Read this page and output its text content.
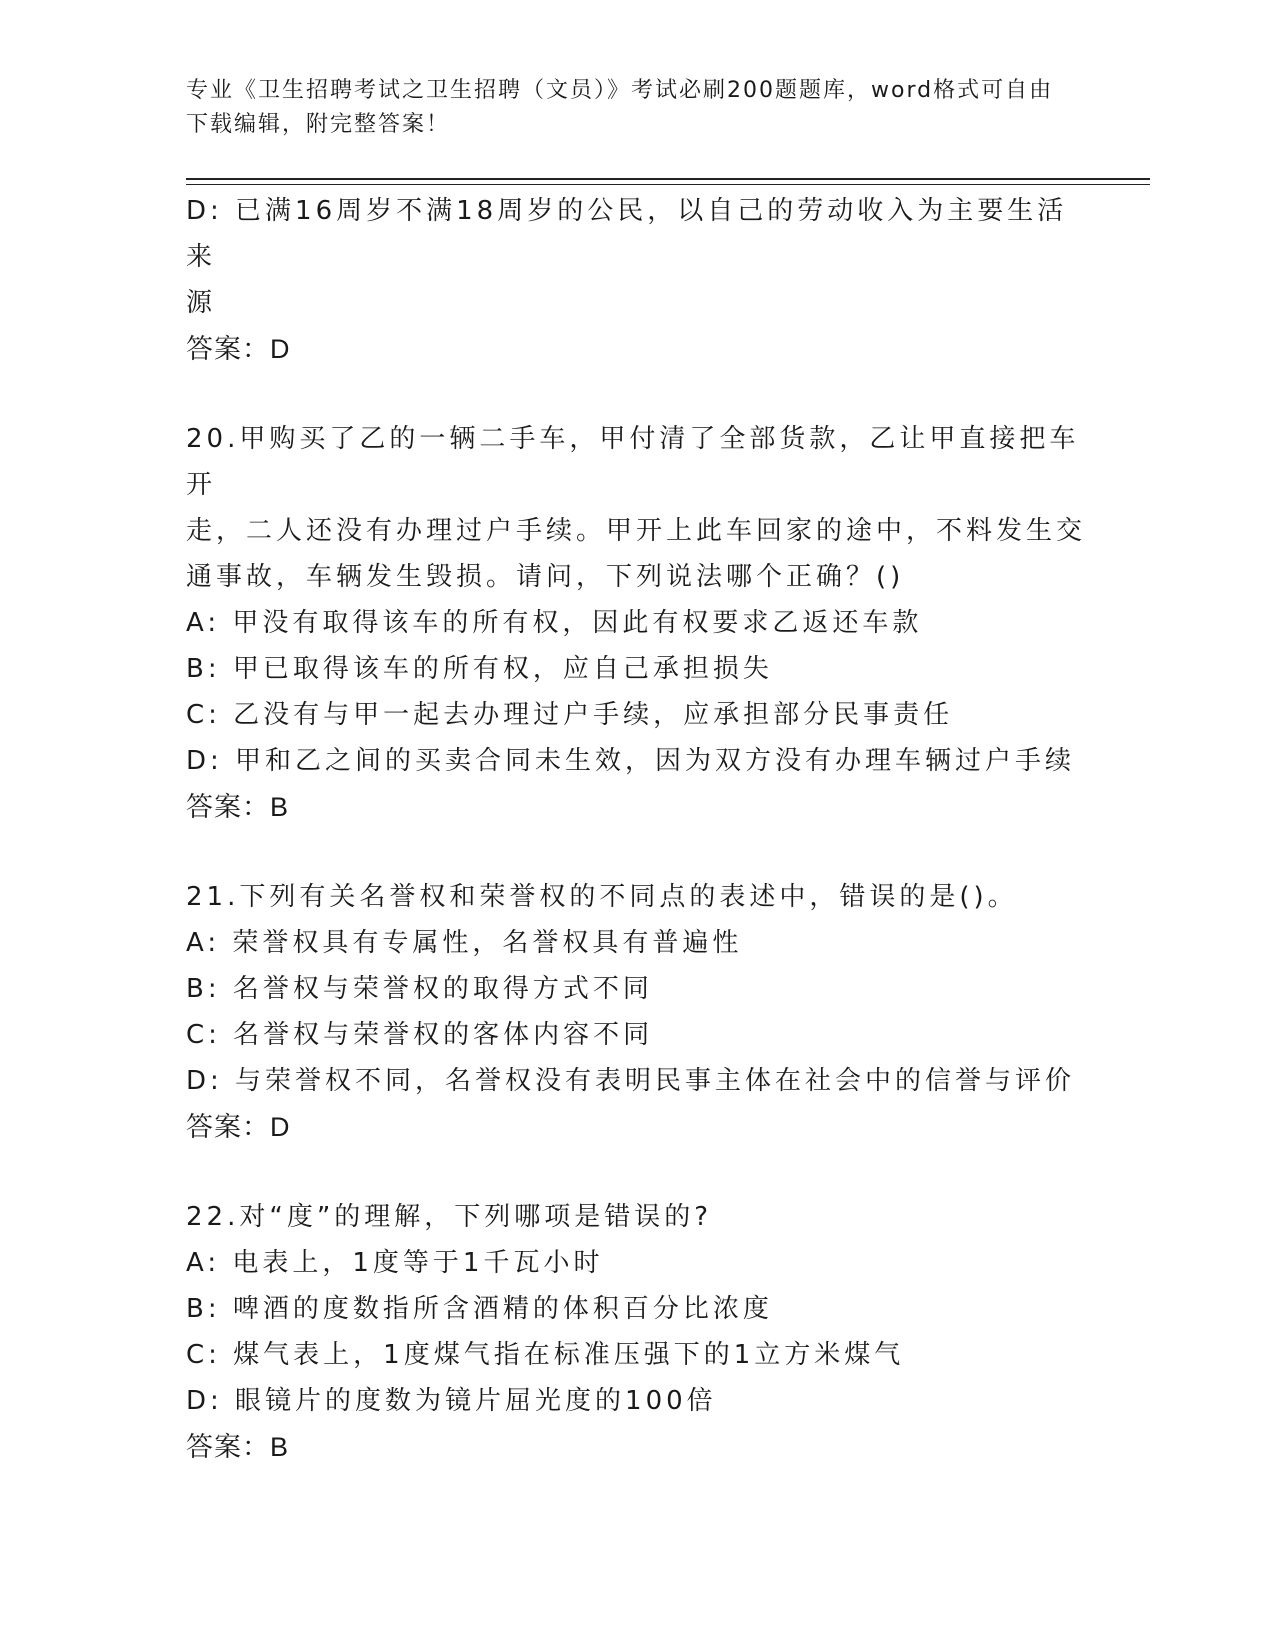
专业《卫生招聘考试之卫生招聘（文员）》考试必刷200题题库，word格式可自由下载编辑，附完整答案！
D: 已满16周岁不满18周岁的公民，以自己的劳动收入为主要生活来
源
答案：D
20.甲购买了乙的一辆二手车，甲付清了全部货款，乙让甲直接把车开
走，二人还没有办理过户手续。甲开上此车回家的途中，不料发生交
通事故，车辆发生毁损。请问，下列说法哪个正确？()
A: 甲没有取得该车的所有权，因此有权要求乙返还车款
B: 甲已取得该车的所有权，应自己承担损失
C: 乙没有与甲一起去办理过户手续，应承担部分民事责任
D: 甲和乙之间的买卖合同未生效，因为双方没有办理车辆过户手续
答案：B
21.下列有关名誉权和荣誉权的不同点的表述中，错误的是()。
A: 荣誉权具有专属性，名誉权具有普遍性
B: 名誉权与荣誉权的取得方式不同
C: 名誉权与荣誉权的客体内容不同
D: 与荣誉权不同，名誉权没有表明民事主体在社会中的信誉与评价
答案：D
22.对“度”的理解，下列哪项是错误的?
A: 电表上，1度等于1千瓦小时
B: 啤酒的度数指所含酒精的体积百分比浓度
C: 煤气表上，1度煤气指在标准压强下的1立方米煤气
D: 眼镜片的度数为镜片屈光度的100倍
答案：B
